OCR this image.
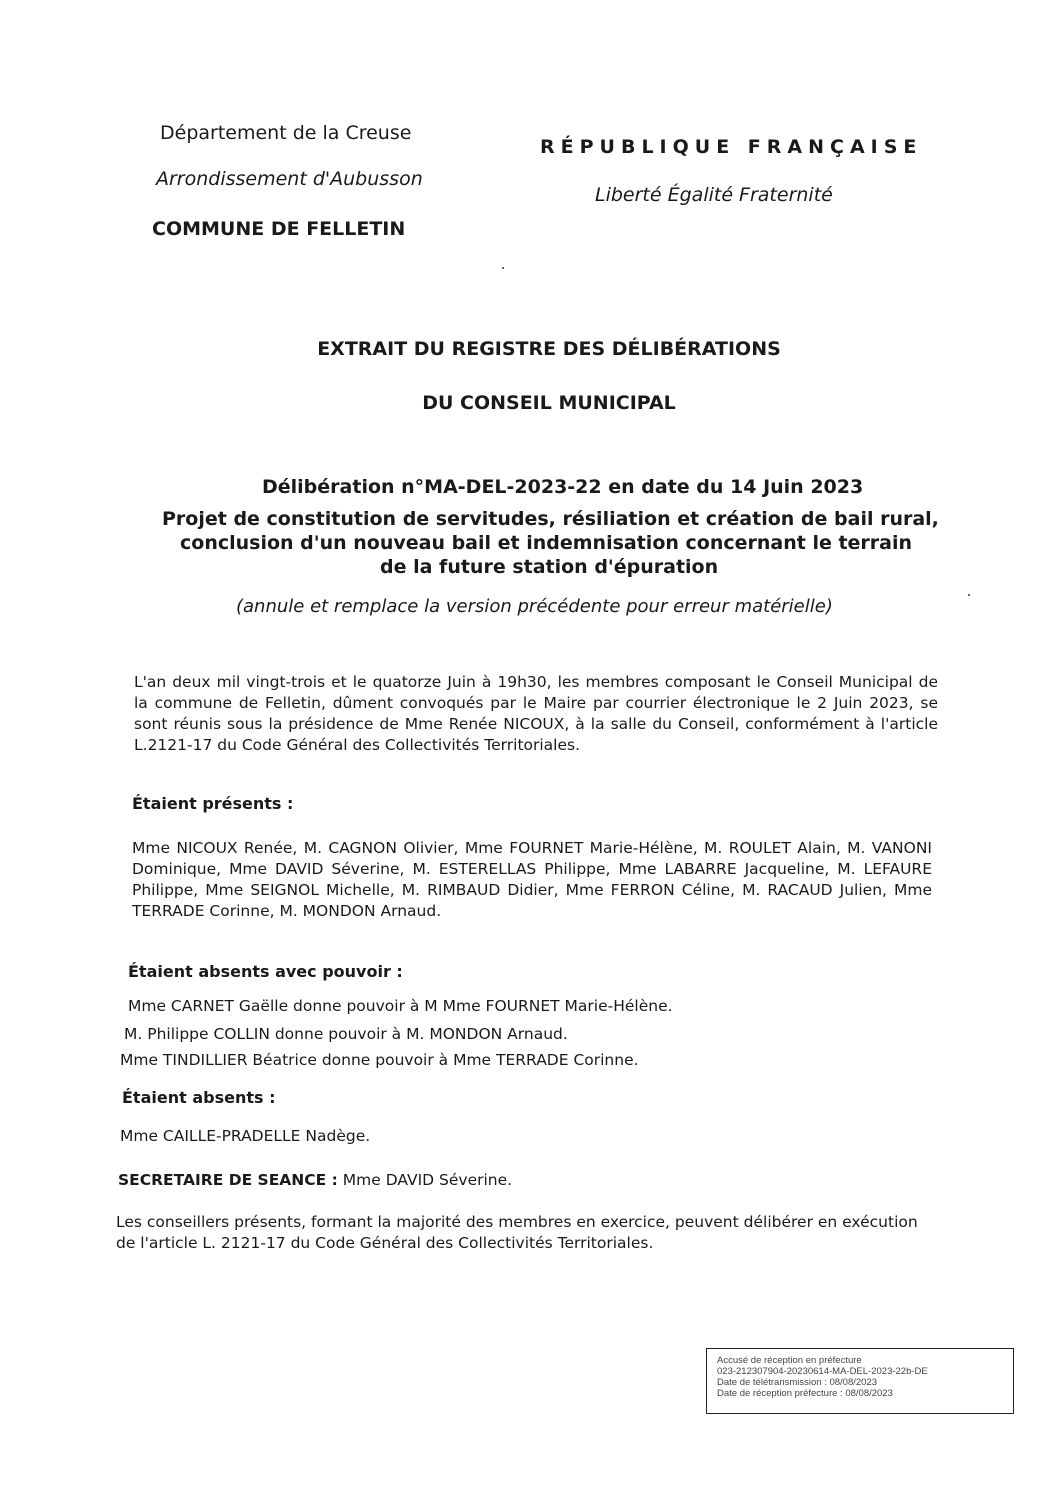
Département de la Creuse

Arrondissement d'Aubusson

COMMUNE DE FELLETIN

RÉPUBLIQUE FRANÇAISE

Liberté Égalité Fraternité

EXTRAIT DU REGISTRE DES DÉLIBÉRATIONS

DU CONSEIL MUNICIPAL

Délibération n°MA-DEL-2023-22 en date du 14 Juin 2023

Projet de constitution de servitudes, résiliation et création de bail rural,

conclusion d'un nouveau bail et indemnisation concernant le terrain

de la future station d'épuration

(annule et remplace la version précédente pour erreur matérielle)

L'an deux mil vingt-trois et le quatorze Juin à 19h30, les membres composant le Conseil Municipal de la commune de Felletin, dûment convoqués par le Maire par courrier électronique le 2 Juin 2023, se sont réunis sous la présidence de Mme Renée NICOUX, à la salle du Conseil, conformément à l'article L.2121-17 du Code Général des Collectivités Territoriales.

Étaient présents :

Mme NICOUX Renée, M. CAGNON Olivier, Mme FOURNET Marie-Hélène, M. ROULET Alain, M. VANONI Dominique, Mme DAVID Séverine, M. ESTERELLAS Philippe, Mme LABARRE Jacqueline, M. LEFAURE Philippe, Mme SEIGNOL Michelle, M. RIMBAUD Didier, Mme FERRON Céline, M. RACAUD Julien, Mme TERRADE Corinne, M. MONDON Arnaud.

Étaient absents avec pouvoir :

Mme CARNET Gaëlle donne pouvoir à M Mme FOURNET Marie-Hélène.

M. Philippe COLLIN donne pouvoir à M. MONDON Arnaud.

Mme TINDILLIER Béatrice donne pouvoir à Mme TERRADE Corinne.

Étaient absents :

Mme CAILLE-PRADELLE Nadège.

SECRETAIRE DE SEANCE : Mme DAVID Séverine.

Les conseillers présents, formant la majorité des membres en exercice, peuvent délibérer en exécution de l'article L. 2121-17 du Code Général des Collectivités Territoriales.

Accusé de réception en préfecture
023-212307904-20230614-MA-DEL-2023-22b-DE
Date de télétransmission : 08/08/2023
Date de réception préfecture : 08/08/2023
